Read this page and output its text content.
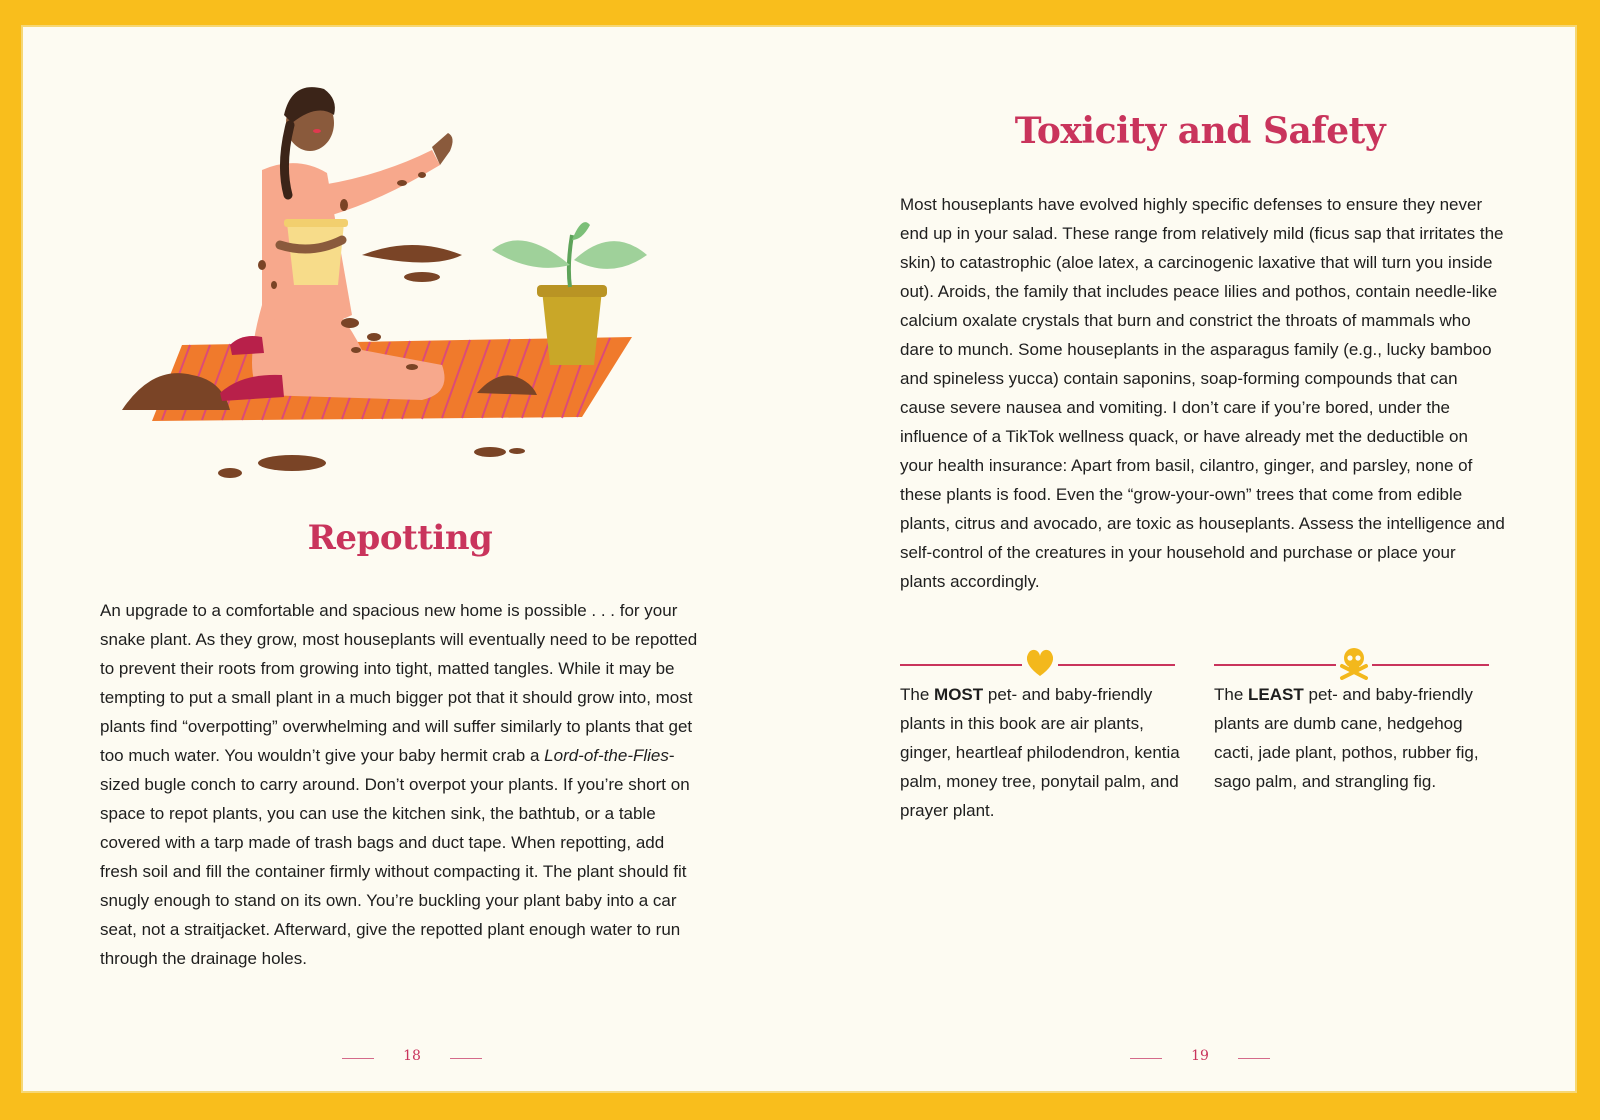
Repotting

An upgrade to a comfortable and spacious new home is possible . . . for your snake plant. As they grow, most houseplants will eventually need to be repotted to prevent their roots from growing into tight, matted tangles. While it may be tempting to put a small plant in a much bigger pot that it should grow into, most plants find “overpotting” overwhelming and will suffer similarly to plants that get too much water. You wouldn’t give your baby hermit crab a Lord-of-the-Flies-sized bugle conch to carry around. Don’t overpot your plants. If you’re short on space to repot plants, you can use the kitchen sink, the bathtub, or a table covered with a tarp made of trash bags and duct tape. When repotting, add fresh soil and fill the container firmly without compacting it. The plant should fit snugly enough to stand on its own. You’re buckling your plant baby into a car seat, not a straitjacket. Afterward, give the repotted plant enough water to run through the drainage holes.

18
Toxicity and Safety

Most houseplants have evolved highly specific defenses to ensure they never end up in your salad. These range from relatively mild (ficus sap that irritates the skin) to catastrophic (aloe latex, a carcinogenic laxative that will turn you inside out). Aroids, the family that includes peace lilies and pothos, contain needle-like calcium oxalate crystals that burn and constrict the throats of mammals who dare to munch. Some houseplants in the asparagus family (e.g., lucky bamboo and spineless yucca) contain saponins, soap-forming compounds that can cause severe nausea and vomiting. I don’t care if you’re bored, under the influence of a TikTok wellness quack, or have already met the deductible on your health insurance: Apart from basil, cilantro, ginger, and parsley, none of these plants is food. Even the “grow-your-own” trees that come from edible plants, citrus and avocado, are toxic as houseplants. Assess the intelligence and self-control of the creatures in your household and purchase or place your plants accordingly.

The MOST pet- and baby-friendly plants in this book are air plants, ginger, heartleaf philodendron, kentia palm, money tree, ponytail palm, and prayer plant.

The LEAST pet- and baby-friendly plants are dumb cane, hedgehog cacti, jade plant, pothos, rubber fig, sago palm, and strangling fig.

19
